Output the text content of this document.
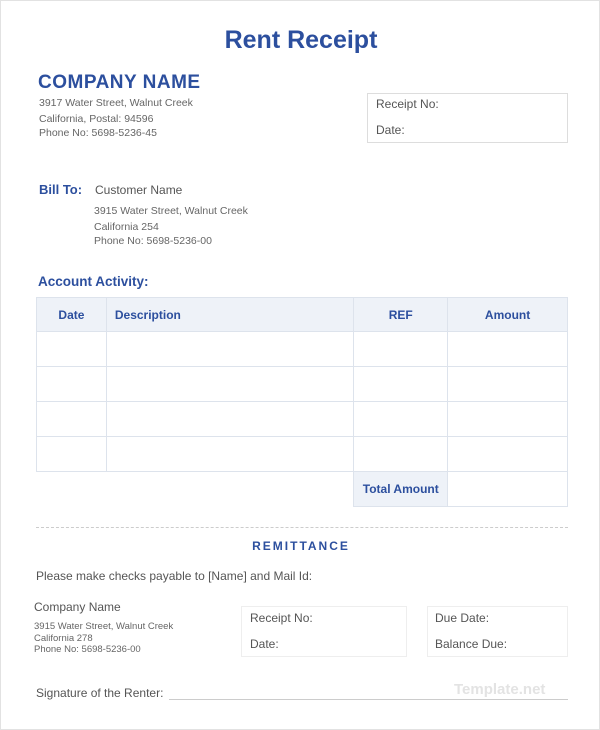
Rent Receipt
COMPANY NAME
3917 Water Street, Walnut Creek
California, Postal: 94596
Phone No: 5698-5236-45
Receipt No:
Date:
Bill To: Customer Name
3915 Water Street, Walnut Creek
California 254
Phone No: 5698-5236-00
Account Activity:
Date	Description	REF	Amount

		Total Amount	
REMITTANCE
Please make checks payable to [Name] and Mail Id:
Company Name
3915 Water Street, Walnut Creek
California 278
Phone No: 5698-5236-00
Receipt No:
Date:
Due Date:
Balance Due:
Signature of the Renter:	Template.net
